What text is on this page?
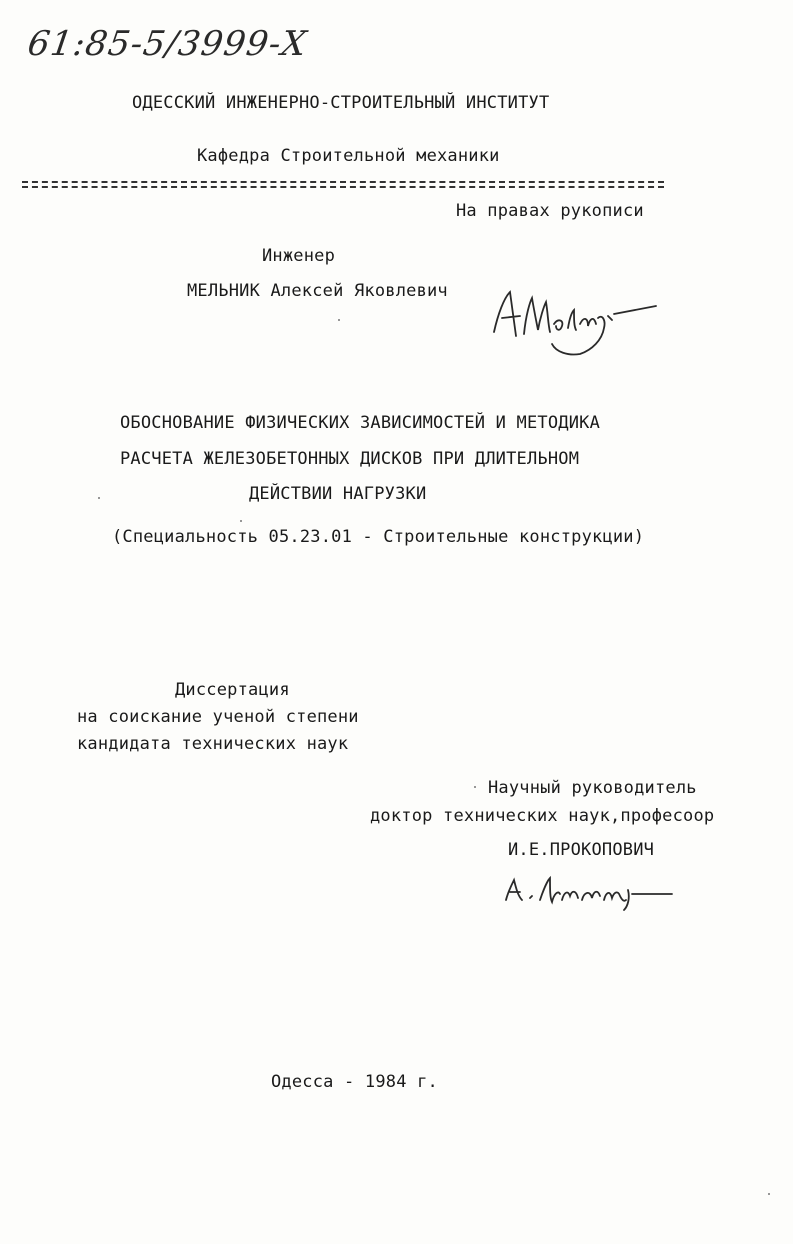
61:85-5/3999-Х
ОДЕССКИЙ ИНЖЕНЕРНО-СТРОИТЕЛЬНЫЙ ИНСТИТУТ
Кафедра Строительной механики
На правах рукописи
Инженер
МЕЛЬНИК Алексей Яковлевич
ОБОСНОВАНИЕ ФИЗИЧЕСКИХ ЗАВИСИМОСТЕЙ И МЕТОДИКА
РАСЧЕТА ЖЕЛЕЗОБЕТОННЫХ ДИСКОВ ПРИ ДЛИТЕЛЬНОМ
ДЕЙСТВИИ НАГРУЗКИ
(Специальность 05.23.01 - Строительные конструкции)
Диссертация
на соискание ученой степени
кандидата технических наук
Научный руководитель
доктор технических наук,професоор
И.Е.ПРОКОПОВИЧ
Одесса - 1984 г.
